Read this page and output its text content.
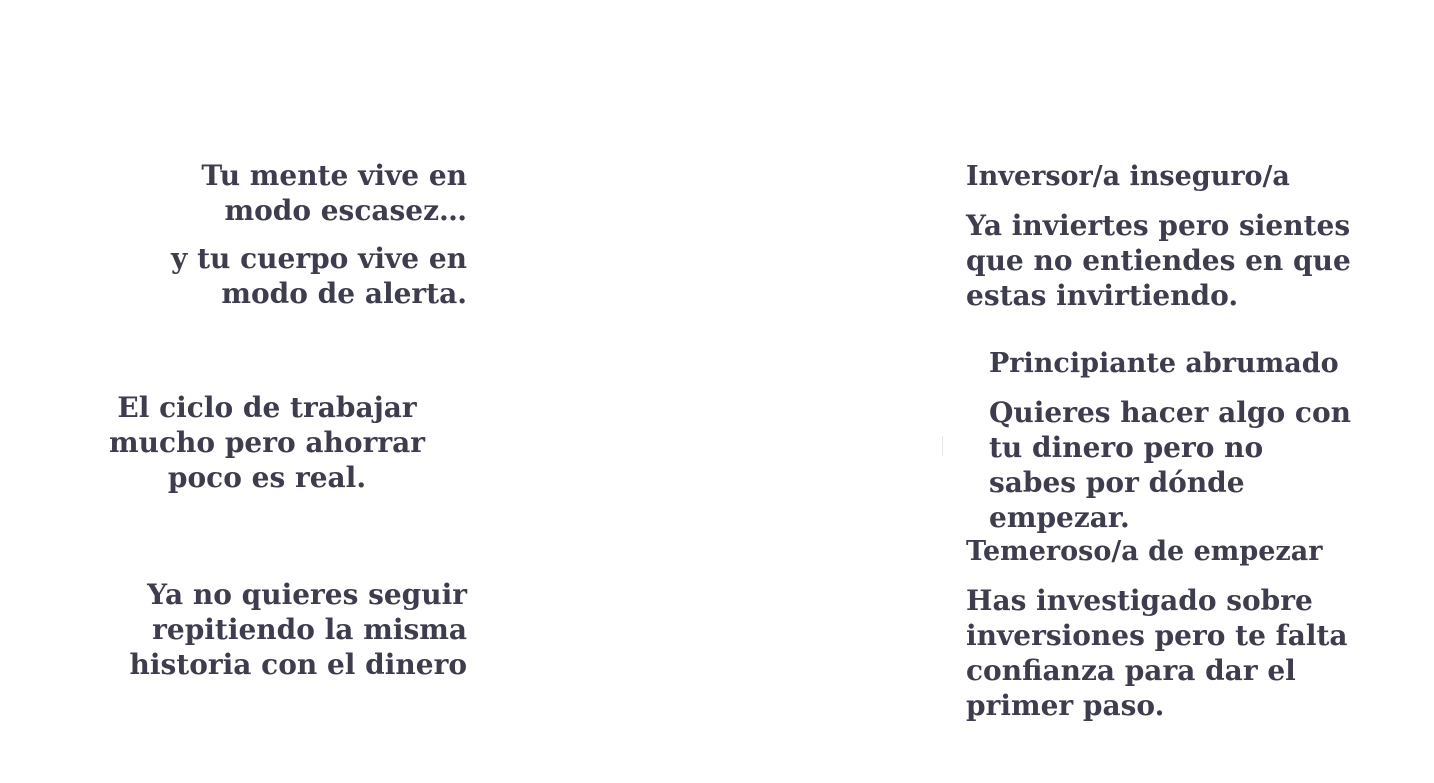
Tu mente vive en modo escasez…

y tu cuerpo vive en modo de alerta.

El ciclo de trabajar mucho pero ahorrar poco es real.

Ya no quieres seguir repitiendo la misma historia con el dinero

Inversor/a inseguro/a

Ya inviertes pero sientes que no entiendes en que estas invirtiendo.

Principiante abrumado

Quieres hacer algo con tu dinero pero no sabes por dónde empezar.

Temeroso/a de empezar

Has investigado sobre inversiones pero te falta confianza para dar el primer paso.
